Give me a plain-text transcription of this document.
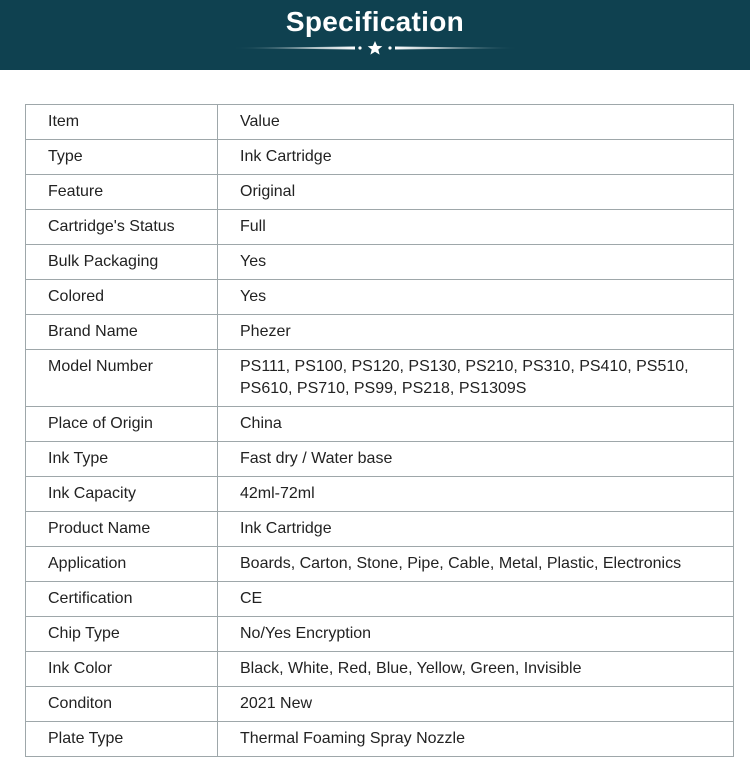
Specification
Item	Value
Type	Ink Cartridge
Feature	Original
Cartridge's Status	Full
Bulk Packaging	Yes
Colored	Yes
Brand Name	Phezer
Model Number	PS111, PS100, PS120, PS130, PS210, PS310, PS410, PS510, PS610, PS710, PS99, PS218, PS1309S
Place of Origin	China
Ink Type	Fast dry / Water base
Ink Capacity	42ml-72ml
Product Name	Ink Cartridge
Application	Boards, Carton, Stone, Pipe, Cable, Metal, Plastic, Electronics
Certification	CE
Chip Type	No/Yes Encryption
Ink Color	Black, White, Red, Blue, Yellow, Green, Invisible
Conditon	2021 New
Plate Type	Thermal Foaming Spray Nozzle
